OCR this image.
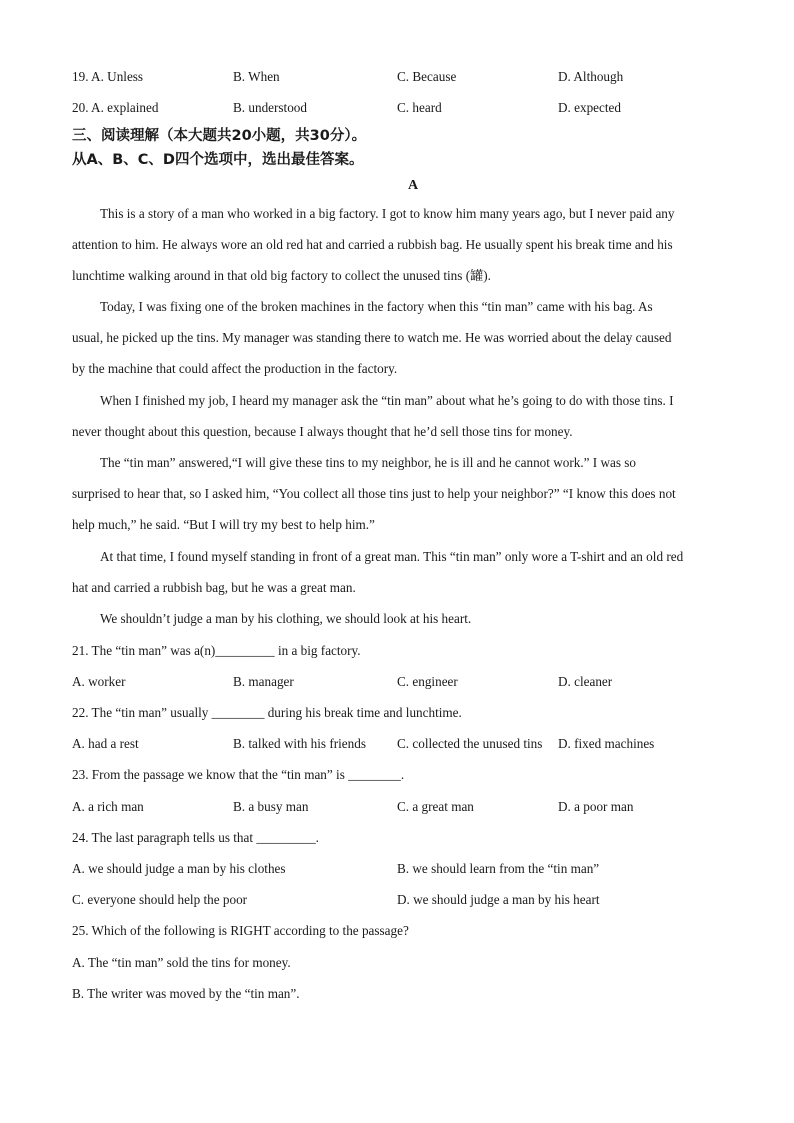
19. A. Unless	B. When	C. Because	D. Although
20. A. explained	B. understood	C. heard	D. expected
三、阅读理解（本大题共20小题，共30分）。
从A、B、C、D四个选项中，选出最佳答案。
A
This is a story of a man who worked in a big factory. I got to know him many years ago, but I never paid any
attention to him. He always wore an old red hat and carried a rubbish bag. He usually spent his break time and his
lunchtime walking around in that old big factory to collect the unused tins (罐).
Today, I was fixing one of the broken machines in the factory when this “tin man” came with his bag. As
usual, he picked up the tins. My manager was standing there to watch me. He was worried about the delay caused
by the machine that could affect the production in the factory.
When I finished my job, I heard my manager ask the “tin man” about what he’s going to do with those tins. I
never thought about this question, because I always thought that he’d sell those tins for money.
The “tin man” answered,“I will give these tins to my neighbor, he is ill and he cannot work.” I was so
surprised to hear that, so I asked him, “You collect all those tins just to help your neighbor?” “I know this does not
help much,” he said. “But I will try my best to help him.”
At that time, I found myself standing in front of a great man. This “tin man” only wore a T-shirt and an old red
hat and carried a rubbish bag, but he was a great man.
We shouldn’t judge a man by his clothing, we should look at his heart.
21. The “tin man” was a(n)_________ in a big factory.
A. worker	B. manager	C. engineer	D. cleaner
22. The “tin man” usually ________ during his break time and lunchtime.
A. had a rest	B. talked with his friends C. collected the unused tins D. fixed machines
23. From the passage we know that the “tin man” is ________.
A. a rich man	B. a busy man	C. a great man	D. a poor man
24. The last paragraph tells us that _________.
A. we should judge a man by his clothes	B. we should learn from the “tin man”
C. everyone should help the poor	D. we should judge a man by his heart
25. Which of the following is RIGHT according to the passage?
A. The “tin man” sold the tins for money.
B. The writer was moved by the “tin man”.
